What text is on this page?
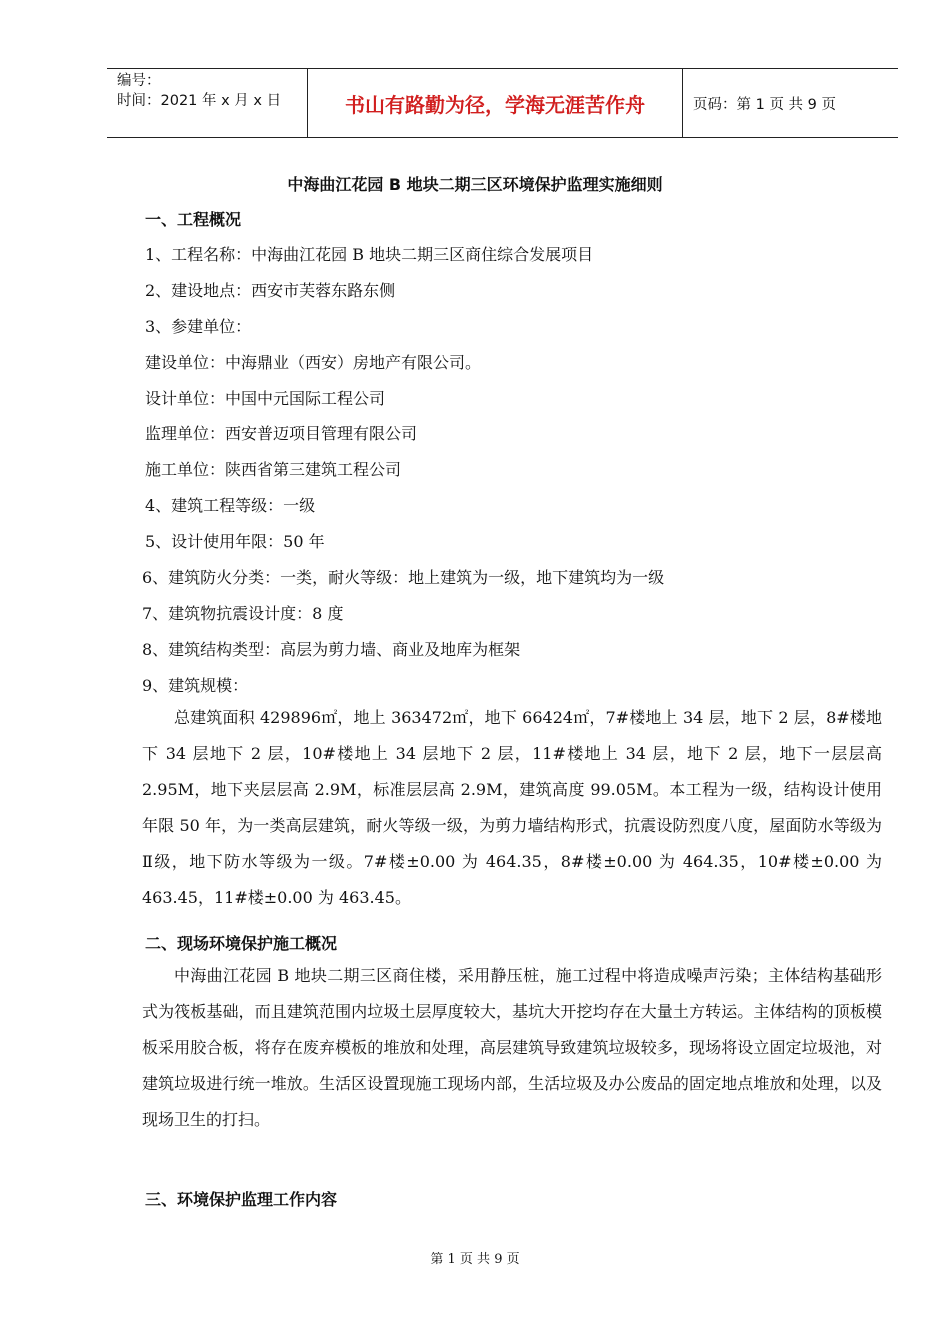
编号：
时间：2021 年 x 月 x 日	书山有路勤为径，学海无涯苦作舟	页码：第 1 页 共 9 页
中海曲江花园 B 地块二期三区环境保护监理实施细则
一、工程概况
1、工程名称：中海曲江花园 B 地块二期三区商住综合发展项目
2、建设地点：西安市芙蓉东路东侧
3、参建单位：
建设单位：中海鼎业（西安）房地产有限公司。
设计单位：中国中元国际工程公司
监理单位：西安普迈项目管理有限公司
施工单位：陕西省第三建筑工程公司
4、建筑工程等级：一级
5、设计使用年限：50 年
6、建筑防火分类：一类，耐火等级：地上建筑为一级，地下建筑均为一级
7、建筑物抗震设计度：8 度
8、建筑结构类型：高层为剪力墙、商业及地库为框架
9、建筑规模：
总建筑面积 429896㎡，地上 363472㎡，地下 66424㎡，7#楼地上 34 层，地下 2 层，8#楼地下 34 层地下 2 层，10#楼地上 34 层地下 2 层，11#楼地上 34 层，地下 2 层，地下一层层高 2.95M，地下夹层层高 2.9M，标准层层高 2.9M，建筑高度 99.05M。本工程为一级，结构设计使用年限 50 年，为一类高层建筑，耐火等级一级，为剪力墙结构形式，抗震设防烈度八度，屋面防水等级为Ⅱ级，地下防水等级为一级。7#楼±0.00 为 464.35，8#楼±0.00 为 464.35，10#楼±0.00 为 463.45，11#楼±0.00 为 463.45。
二、现场环境保护施工概况
中海曲江花园 B 地块二期三区商住楼，采用静压桩，施工过程中将造成噪声污染；主体结构基础形式为筏板基础，而且建筑范围内垃圾土层厚度较大，基坑大开挖均存在大量土方转运。主体结构的顶板模板采用胶合板，将存在废弃模板的堆放和处理，高层建筑导致建筑垃圾较多，现场将设立固定垃圾池，对建筑垃圾进行统一堆放。生活区设置现施工现场内部，生活垃圾及办公废品的固定地点堆放和处理，以及现场卫生的打扫。
三、环境保护监理工作内容
第 1 页 共 9 页
